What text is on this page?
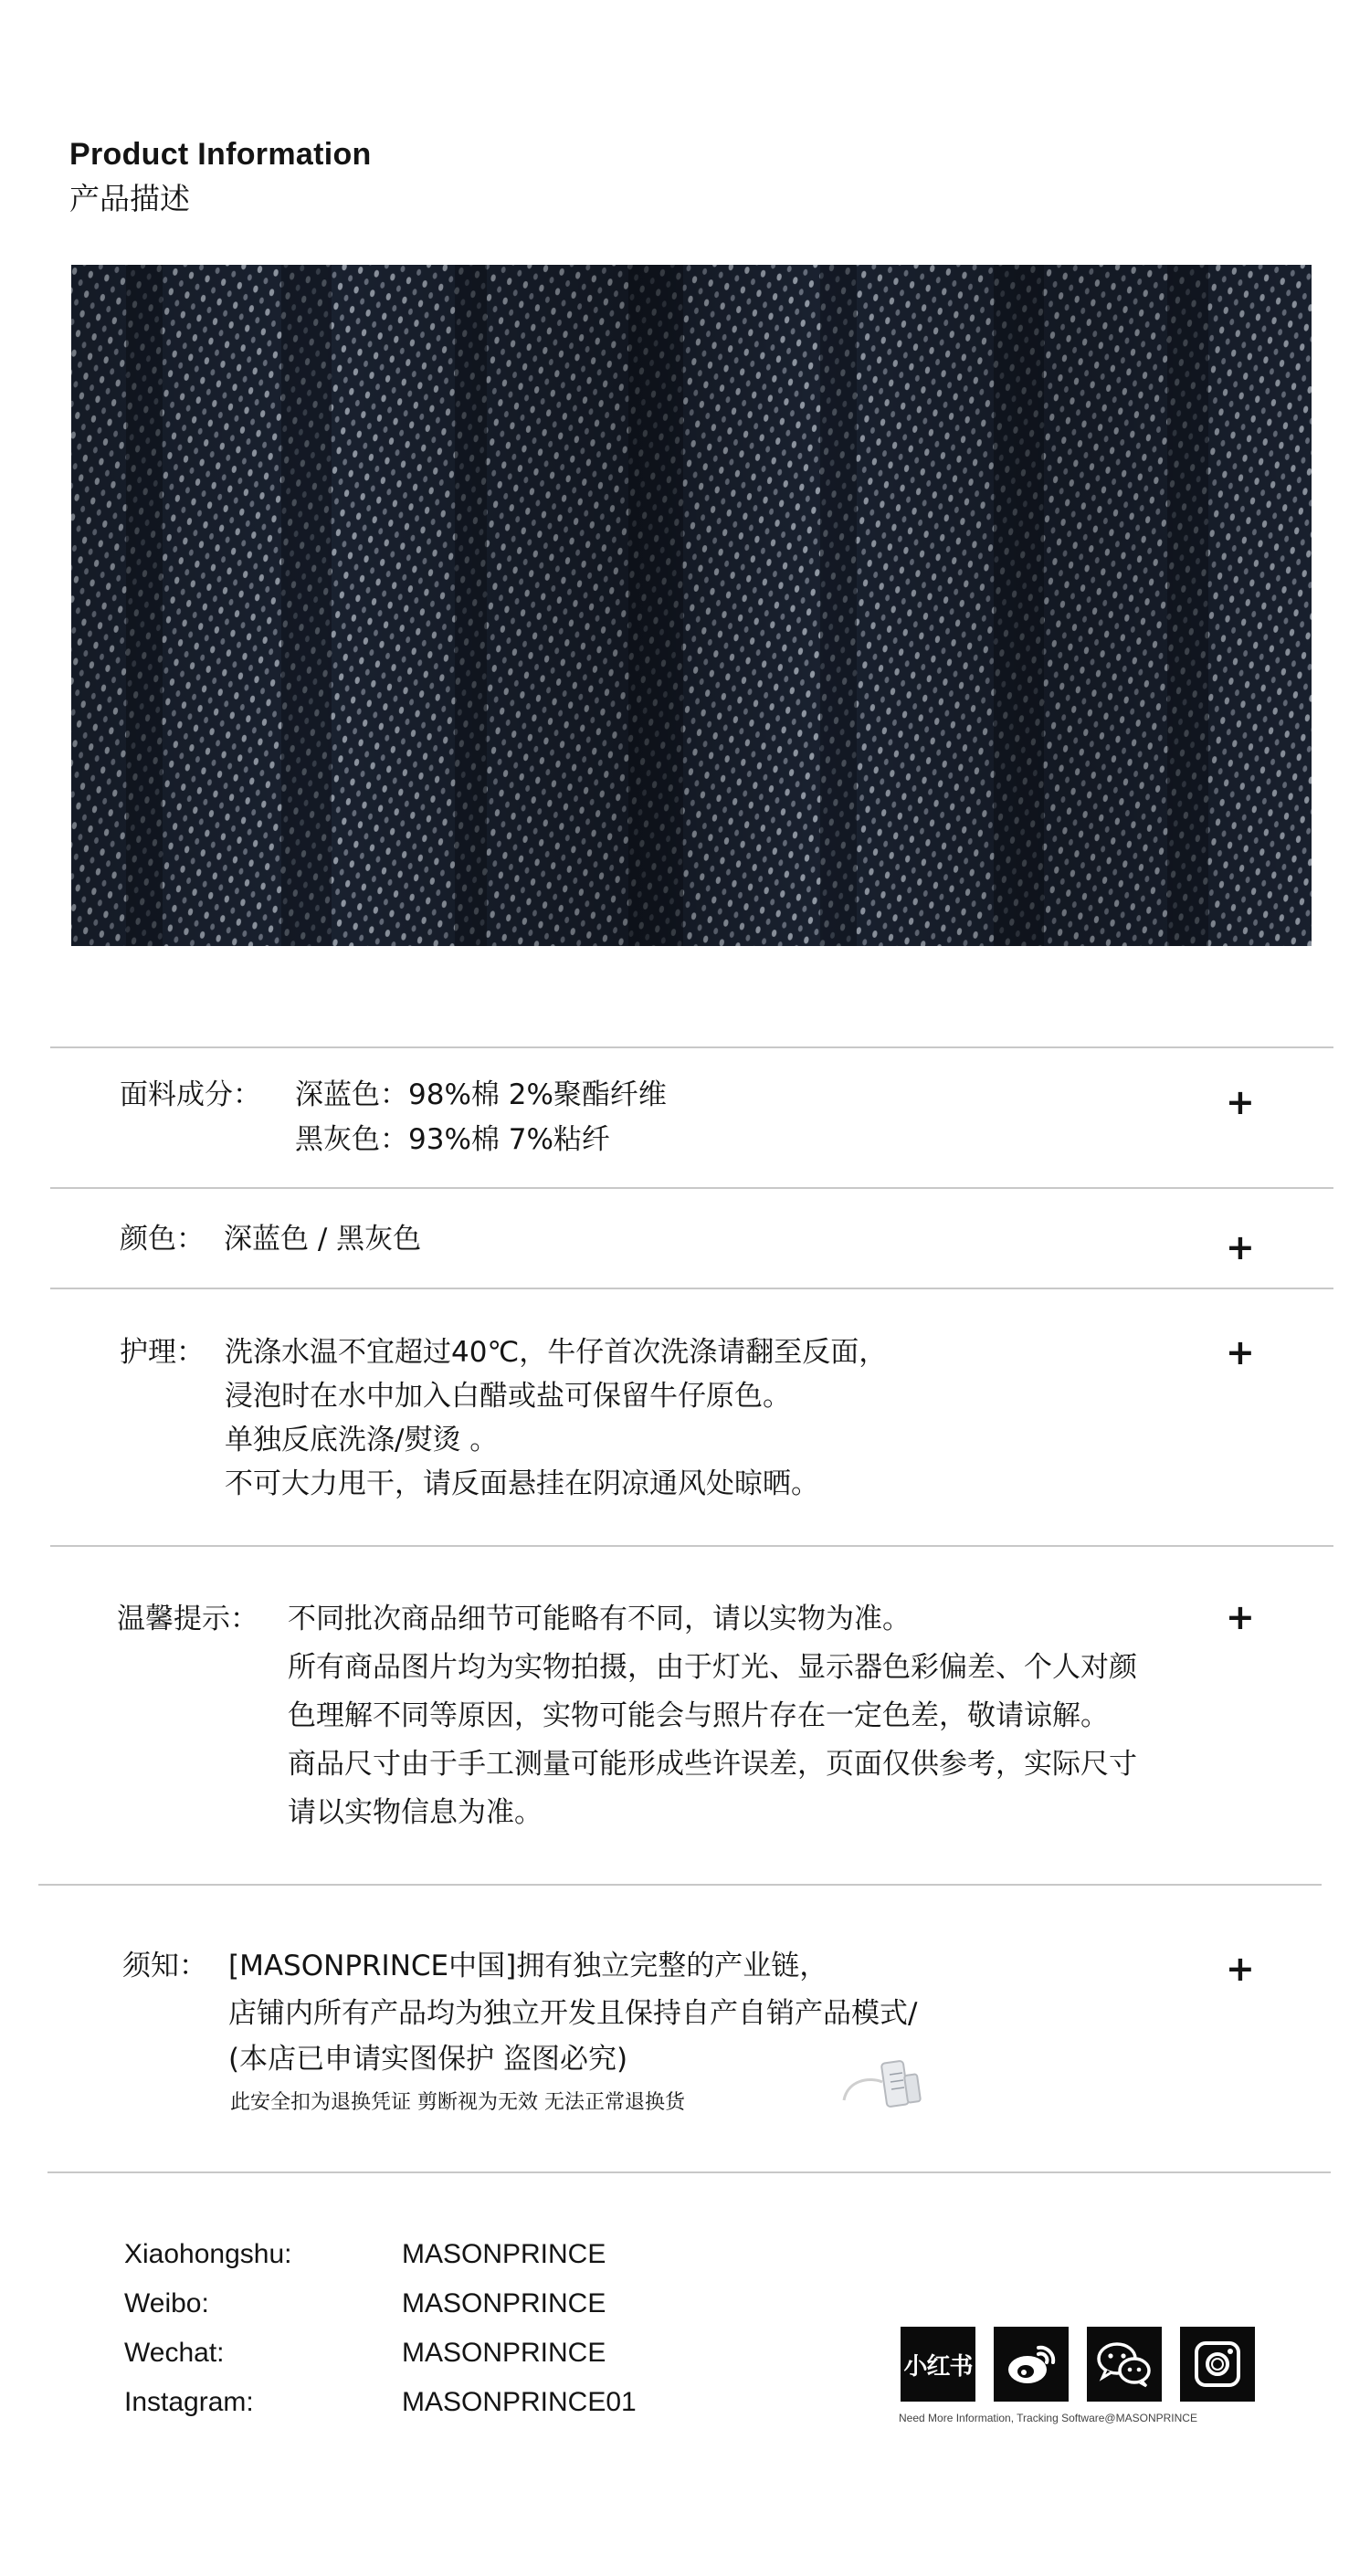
Product Information
产品描述
面料成分： 深蓝色：98%棉 2%聚酯纤维
黑灰色：93%棉 7%粘纤
+
颜色： 深蓝色 / 黑灰色	+
护理： 洗涤水温不宜超过40℃，牛仔首次洗涤请翻至反面，
浸泡时在水中加入白醋或盐可保留牛仔原色。
单独反底洗涤/熨烫 。
不可大力甩干，请反面悬挂在阴凉通风处晾晒。
+
温馨提示： 不同批次商品细节可能略有不同，请以实物为准。
所有商品图片均为实物拍摄，由于灯光、显示器色彩偏差、个人对颜
色理解不同等原因，实物可能会与照片存在一定色差，敬请谅解。
商品尺寸由于手工测量可能形成些许误差，页面仅供参考，实际尺寸
请以实物信息为准。
+
须知： [MASONPRINCE中国]拥有独立完整的产业链，
店铺内所有产品均为独立开发且保持自产自销产品模式/
(本店已申请实图保护 盗图必究)
此安全扣为退换凭证 剪断视为无效 无法正常退换货
+
Xiaohongshu:	MASONPRINCE
Weibo:	MASONPRINCE
Wechat:	MASONPRINCE
Instagram:	MASONPRINCE01
小红书
Need More Information, Tracking Software@MASONPRINCE
